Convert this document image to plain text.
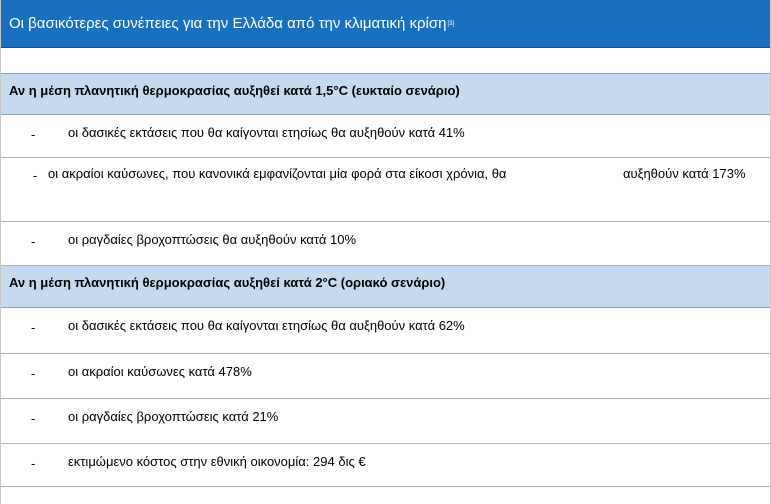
Οι βασικότερες συνέπειες για την Ελλάδα από την κλιματική κρίση [3]
Αν η μέση πλανητική θερμοκρασίας αυξηθεί κατά 1,5°C (ευκταίο σενάριο)
-	οι δασικές εκτάσεις που θα καίγονται ετησίως θα αυξηθούν κατά 41%
- οι ακραίοι καύσωνες, που κανονικά εμφανίζονται μία φορά στα είκοσι χρόνια, θα	αυξηθούν κατά 173%
-	οι ραγδαίες βροχοπτώσεις θα αυξηθούν κατά 10%
Αν η μέση πλανητική θερμοκρασίας αυξηθεί κατά 2°C (οριακό σενάριο)
-	οι δασικές εκτάσεις που θα καίγονται ετησίως θα αυξηθούν κατά 62%
-	οι ακραίοι καύσωνες κατά 478%
-	οι ραγδαίες βροχοπτώσεις κατά 21%
-	εκτιμώμενο κόστος στην εθνική οικονομία: 294 δις €
